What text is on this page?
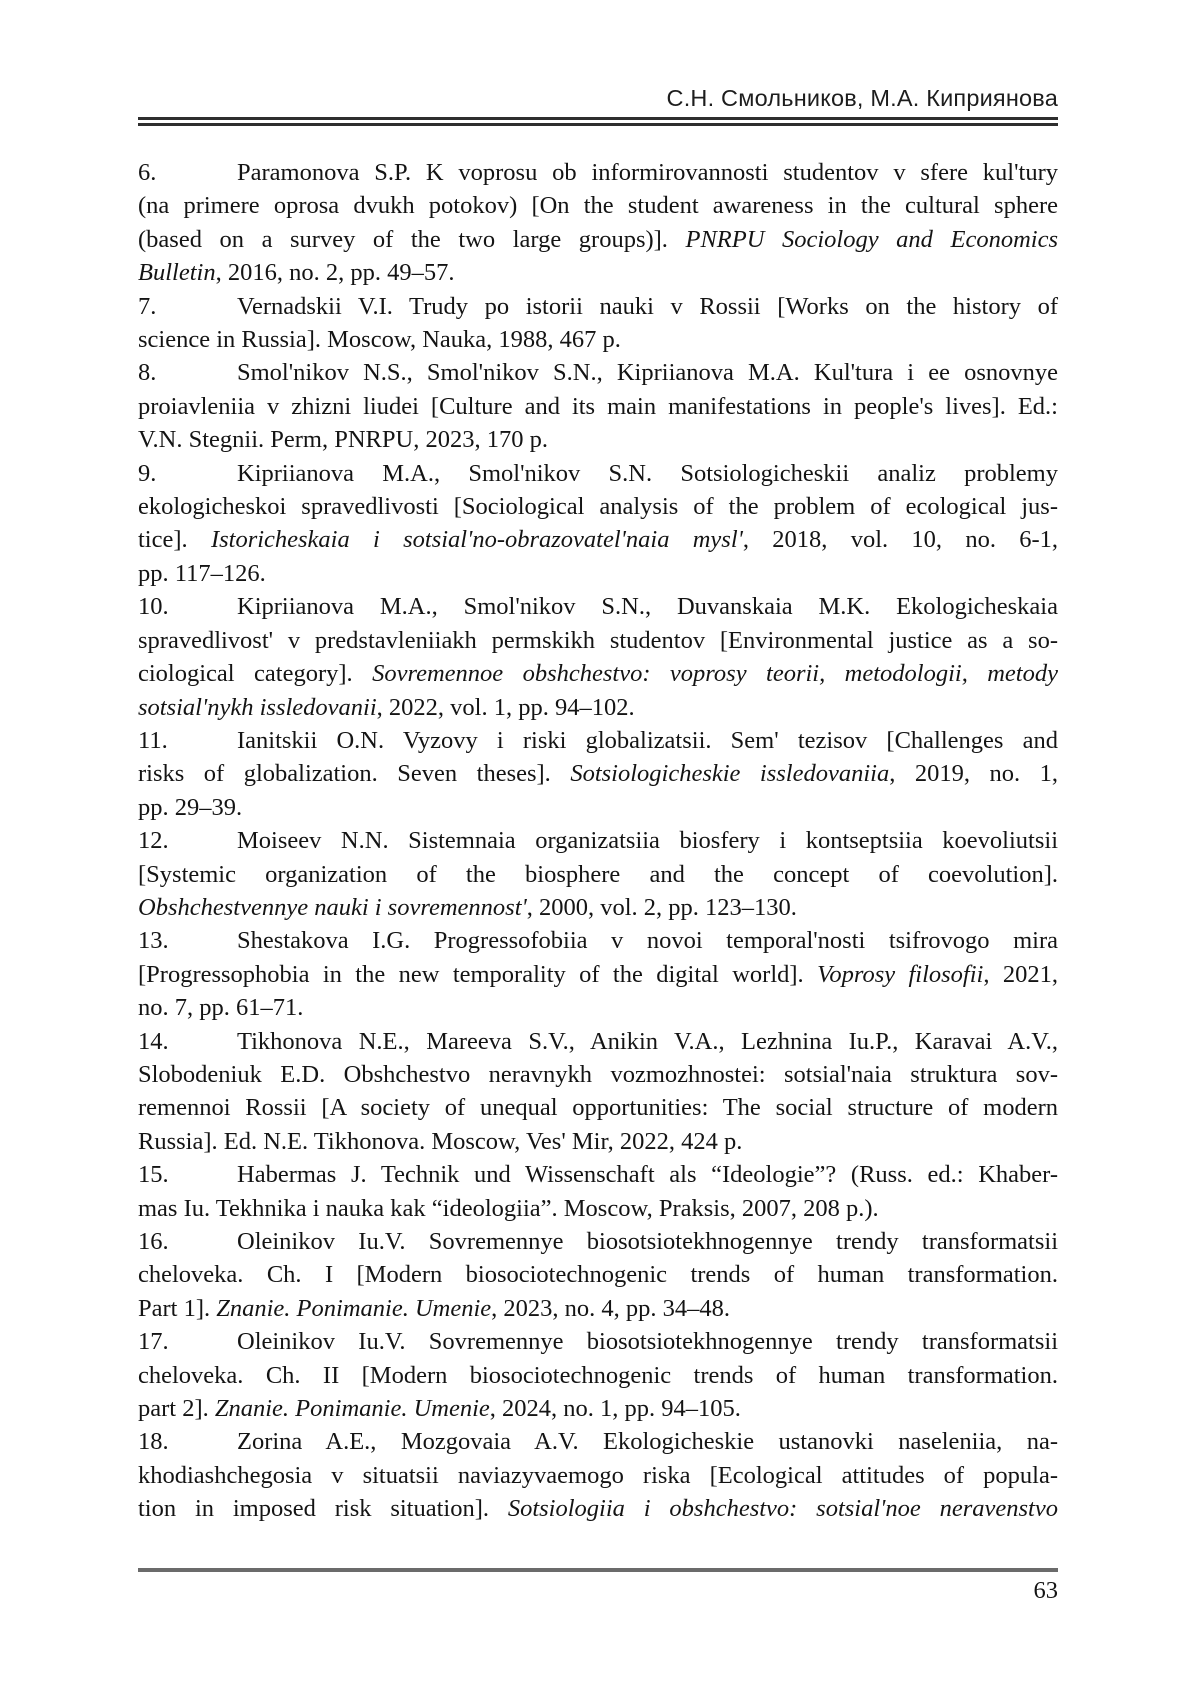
С.Н. Смольников, М.А. Киприянова
6.	Paramonova S.P. K voprosu ob informirovannosti studentov v sfere kul'tury
(na primere oprosa dvukh potokov) [On the student awareness in the cultural sphere
(based on a survey of the two large groups)]. PNRPU Sociology and Economics
Bulletin, 2016, no. 2, pp. 49–57.
7.	Vernadskii V.I. Trudy po istorii nauki v Rossii [Works on the history of
science in Russia]. Moscow, Nauka, 1988, 467 p.
8.	Smol'nikov N.S., Smol'nikov S.N., Kipriianova M.A. Kul'tura i ee osnovnye
proiavleniia v zhizni liudei [Culture and its main manifestations in people's lives]. Ed.:
V.N. Stegnii. Perm, PNRPU, 2023, 170 p.
9.	Kipriianova M.A., Smol'nikov S.N. Sotsiologicheskii analiz problemy
ekologicheskoi spravedlivosti [Sociological analysis of the problem of ecological jus-
tice]. Istoricheskaia i sotsial'no-obrazovatel'naia mysl', 2018, vol. 10, no. 6-1,
pp. 117–126.
10.	Kipriianova M.A., Smol'nikov S.N., Duvanskaia M.K. Ekologicheskaia
spravedlivost' v predstavleniiakh permskikh studentov [Environmental justice as a so-
ciological category]. Sovremennoe obshchestvo: voprosy teorii, metodologii, metody
sotsial'nykh issledovanii, 2022, vol. 1, pp. 94–102.
11.	Ianitskii O.N. Vyzovy i riski globalizatsii. Sem' tezisov [Challenges and
risks of globalization. Seven theses]. Sotsiologicheskie issledovaniia, 2019, no. 1,
pp. 29–39.
12.	Moiseev N.N. Sistemnaia organizatsiia biosfery i kontseptsiia koevoliutsii
[Systemic organization of the biosphere and the concept of coevolution].
Obshchestvennye nauki i sovremennost', 2000, vol. 2, pp. 123–130.
13.	Shestakova I.G. Progressofobiia v novoi temporal'nosti tsifrovogo mira
[Progressophobia in the new temporality of the digital world]. Voprosy filosofii, 2021,
no. 7, pp. 61–71.
14.	Tikhonova N.E., Mareeva S.V., Anikin V.A., Lezhnina Iu.P., Karavai A.V.,
Slobodeniuk E.D. Obshchestvo neravnykh vozmozhnostei: sotsial'naia struktura sov-
remennoi Rossii [A society of unequal opportunities: The social structure of modern
Russia]. Ed. N.E. Tikhonova. Moscow, Ves' Mir, 2022, 424 p.
15.	Habermas J. Technik und Wissenschaft als “Ideologie”? (Russ. ed.: Khaber-
mas Iu. Tekhnika i nauka kak “ideologiia”. Moscow, Praksis, 2007, 208 p.).
16.	Oleinikov Iu.V. Sovremennye biosotsiotekhnogennye trendy transformatsii
cheloveka. Ch. I [Modern biosociotechnogenic trends of human transformation.
Part 1]. Znanie. Ponimanie. Umenie, 2023, no. 4, pp. 34–48.
17.	Oleinikov Iu.V. Sovremennye biosotsiotekhnogennye trendy transformatsii
cheloveka. Ch. II [Modern biosociotechnogenic trends of human transformation.
part 2]. Znanie. Ponimanie. Umenie, 2024, no. 1, pp. 94–105.
18.	Zorina A.E., Mozgovaia A.V. Ekologicheskie ustanovki naseleniia, na-
khodiashchegosia v situatsii naviazyvaemogo riska [Ecological attitudes of popula-
tion in imposed risk situation]. Sotsiologiia i obshchestvo: sotsial'noe neravenstvo
63
